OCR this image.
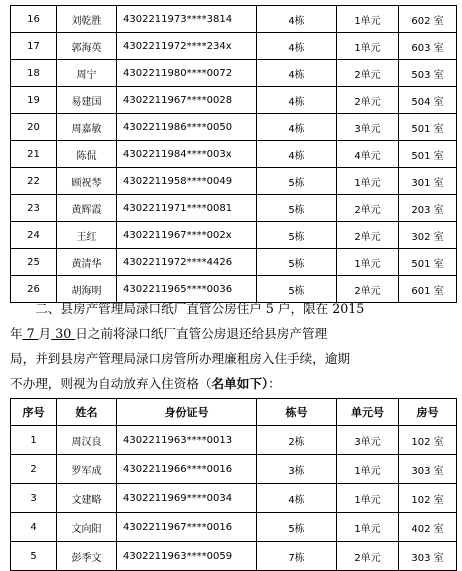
16	刘乾胜	4302211973****3814	4栋	1单元	602 室
17	郭海英	4302211972****234x	4栋	1单元	603 室
18	周宁	4302211980****0072	4栋	2单元	503 室
19	易建国	4302211967****0028	4栋	2单元	504 室
20	周嘉敏	4302211986****0050	4栋	3单元	501 室
21	陈侃	4302211984****003x	4栋	4单元	501 室
22	顾祝琴	4302211958****0049	5栋	1单元	301 室
23	黄辉霞	4302211971****0081	5栋	2单元	203 室
24	王红	4302211967****002x	5栋	2单元	302 室
25	黄清华	4302211972****4426	5栋	1单元	501 室
26	胡海明	4302211965****0036	5栋	2单元	601 室

  二、县房产管理局渌口纸厂直管公房住户 5 户，限在 2015

年 7 月 30 日之前将渌口纸厂直管公房退还给县房产管理

局，并到县房产管理局渌口房管所办理廉租房入住手续，逾期

不办理，则视为自动放弃入住资格（名单如下）：

序号	姓名	身份证号	栋号	单元号	房号
1	周汉良	4302211963****0013	2栋	3单元	102 室
2	罗军成	4302211966****0016	3栋	1单元	303 室
3	文建略	4302211969****0034	4栋	1单元	102 室
4	文向阳	4302211967****0016	5栋	1单元	402 室
5	彭季文	4302211963****0059	7栋	2单元	303 室
